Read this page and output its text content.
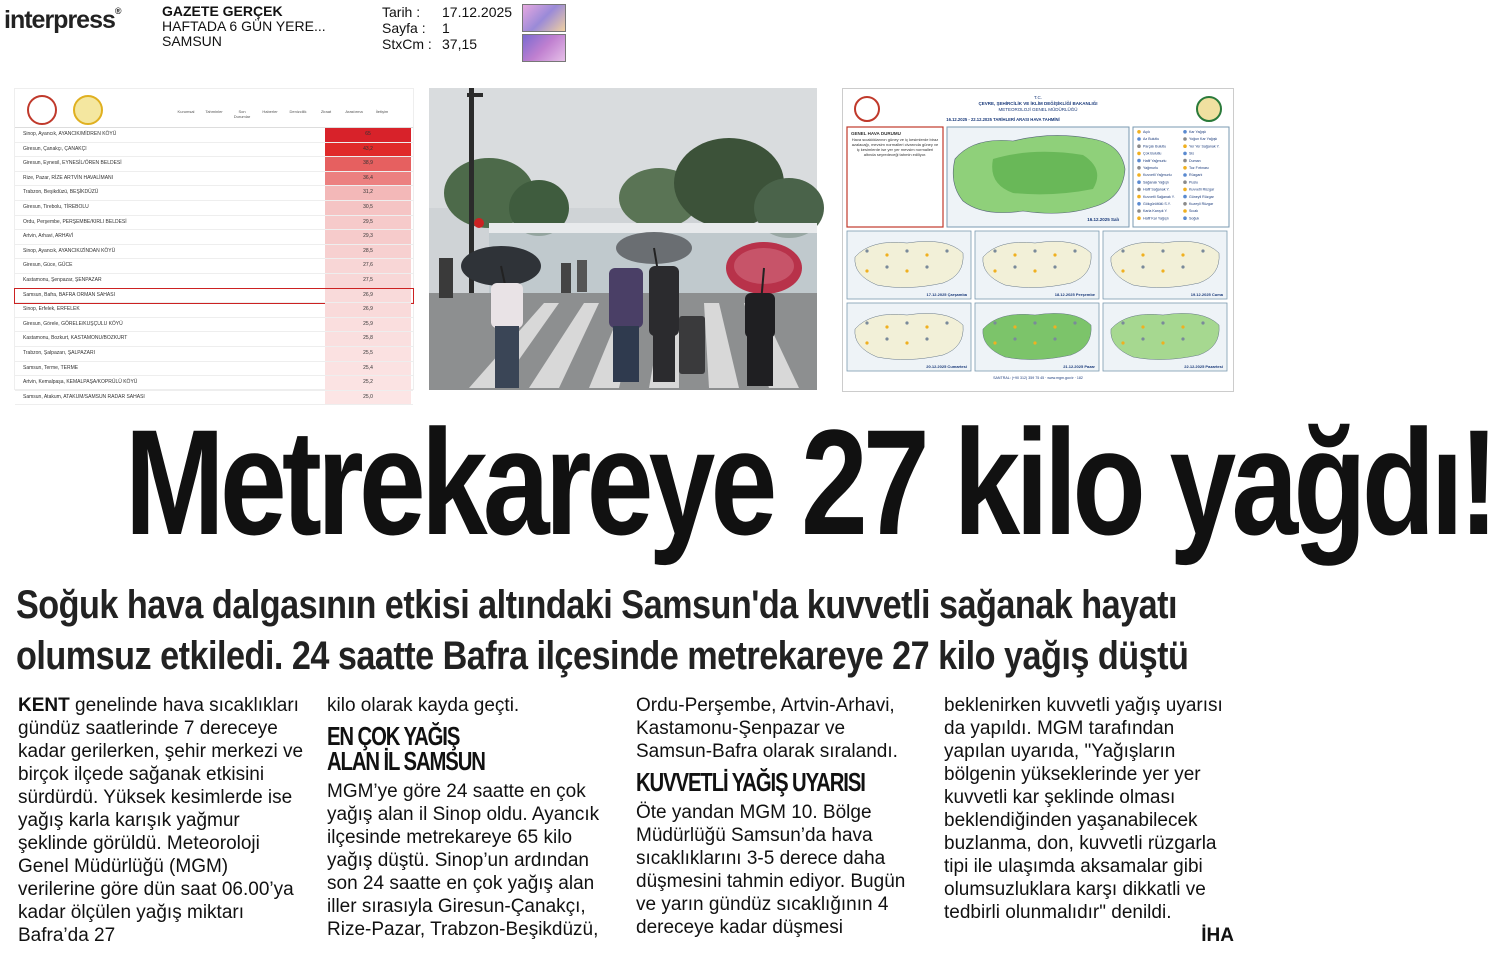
interpress®	GAZETE GERÇEK
HAFTADA 6 GÜN YERE...
SAMSUN
Tarih : 17.12.2025
Sayfa : 1
StxCm : 37,15
Kurumsal	Tahminler	Son Durumlar
Haberler	Denizcilik	Ziraat	Arastırma	İletişim
Sinop, Ayancık, AYANCIK/MİDREN KÖYÜ	65
Giresun, Çanakçı, ÇANAKÇI	43,2
Giresun, Eynesil, EYNESİL/ÖREN BELDESİ	38,9
Rize, Pazar, RİZE ARTVİN HAVALİMANI	36,4
Trabzon, Beşikdüzü, BEŞİKDÜZÜ	31,2
Giresun, Tirebolu, TİREBOLU	30,5
Ordu, Perşembe, PERŞEMBE/KIRLI BELDESİ	29,5
Artvin, Arhavi, ARHAVİ	29,3
Sinop, Ayancık, AYANCIK/ZİNDAN KÖYÜ	28,5
Giresun, Gücе, GÜCE	27,6
Kastamonu, Şenpazar, ŞENPAZAR	27,5
Samsun, Bafra, BAFRA ORMAN SAHASI	26,9
Sinop, Erfelek, ERFELEK	26,9
Giresun, Görele, GÖRELE/KUŞÇULU KÖYÜ	25,9
Kastamonu, Bozkurt, KASTAMONU/BOZKURT	25,8
Trabzon, Şalpazarı, ŞALPAZARI	25,5
Samsun, Terme, TERME	25,4
Artvin, Kemalpaşa, KEMALPAŞA/KOPRÜLÜ KÖYÜ	25,2
Samsun, Atakum, ATAKUM/SAMSUN RADAR SAHASI	25,0
T.C.
ÇEVRE, ŞEHİRCİLİK VE İKLİM DEĞİŞİKLİĞİ BAKANLIĞI
METEOROLOJİ GENEL MÜDÜRLÜĞÜ
16.12.2025 - 22.12.2025 TARİHLERİ ARASI HAVA TAHMİNİ
GENEL HAVA DURUMU
Hava sıcaklıklarının güney ve iç kesimlerde biraz azalacağı, mevsim normalleri civarında güney ve iç kesimlerde ise yer yer mevsim normalleri altında seyredeceği tahmin ediliyor.
16.12.2025 Salı
Açık
Az Bulutlu
Parçalı Bulutlu
Çok Bulutlu
Hafif Yağmurlu
Yağmurlu
Kuvvetli Yağmurlu
Sağanak Yağışlı
Hafif Sağanak Y.
Kuvvetli Sağanak Y.
Gökgürültülü S.Y.
Karla Karışık Y.
Hafif Kar Yağışlı
Kar Yağışlı
Yoğun Kar Yağışlı
Yer Yer Sağanak Y.
Sis
Duman
Toz Fırtınası
Rüzgarlı
Puslu
Kuvvetli Rüzgar
Güneyli Rüzgar
Kuzeyli Rüzgar
Sıcak
Soğuk
17.12.2025 Çarşamba	18.12.2025 Perşembe	19.12.2025 Cuma
20.12.2025 Cumartesi	21.12.2025 Pazar	22.12.2025 Pazartesi
SANTRAL: (+90 312) 359 75 45 · www.mgm.gov.tr · 182
Metrekareye 27 kilo yağdı!
Soğuk hava dalgasının etkisi altındaki Samsun'da kuvvetli sağanak hayatı
olumsuz etkiledi. 24 saatte Bafra ilçesinde metrekareye 27 kilo yağış düştü

KENT genelinde hava sıcaklıkları gündüz saatlerinde 7 dereceye kadar gerilerken, şehir merkezi ve birçok ilçede sağanak etkisini sürdürdü. Yüksek kesimlerde ise yağış karla karışık yağmur şeklinde görüldü. Meteoroloji Genel Müdürlüğü (MGM) verilerine göre dün saat 06.00’ya kadar ölçülen yağış miktarı Bafra’da 27

kilo olarak kayda geçti.

EN ÇOK YAĞIŞ
ALAN İL SAMSUN

MGM’ye göre 24 saatte en çok yağış alan il Sinop oldu. Ayancık ilçesinde metrekareye 65 kilo yağış düştü. Sinop’un ardından son 24 saatte en çok yağış alan iller sırasıyla Giresun-Çanakçı, Rize-Pazar, Trabzon-Beşikdüzü,

Ordu-Perşembe, Artvin-Arhavi, Kastamonu-Şenpazar ve Samsun-Bafra olarak sıralandı.

KUVVETLİ YAĞIŞ UYARISI

Öte yandan MGM 10. Bölge Müdürlüğü Samsun’da hava sıcaklıklarını 3-5 derece daha düşmesini tahmin ediyor. Bugün ve yarın gündüz sıcaklığının 4 dereceye kadar düşmesi

beklenirken kuvvetli yağış uyarısı da yapıldı. MGM tarafından yapılan uyarıda, "Yağışların bölgenin yükseklerinde yer yer kuvvetli kar şeklinde olması beklendiğinden yaşanabilecek buzlanma, don, kuvvetli rüzgarla tipi ile ulaşımda aksamalar gibi olumsuzluklara karşı dikkatli ve tedbirli olunmalıdır" denildi.

İHA
